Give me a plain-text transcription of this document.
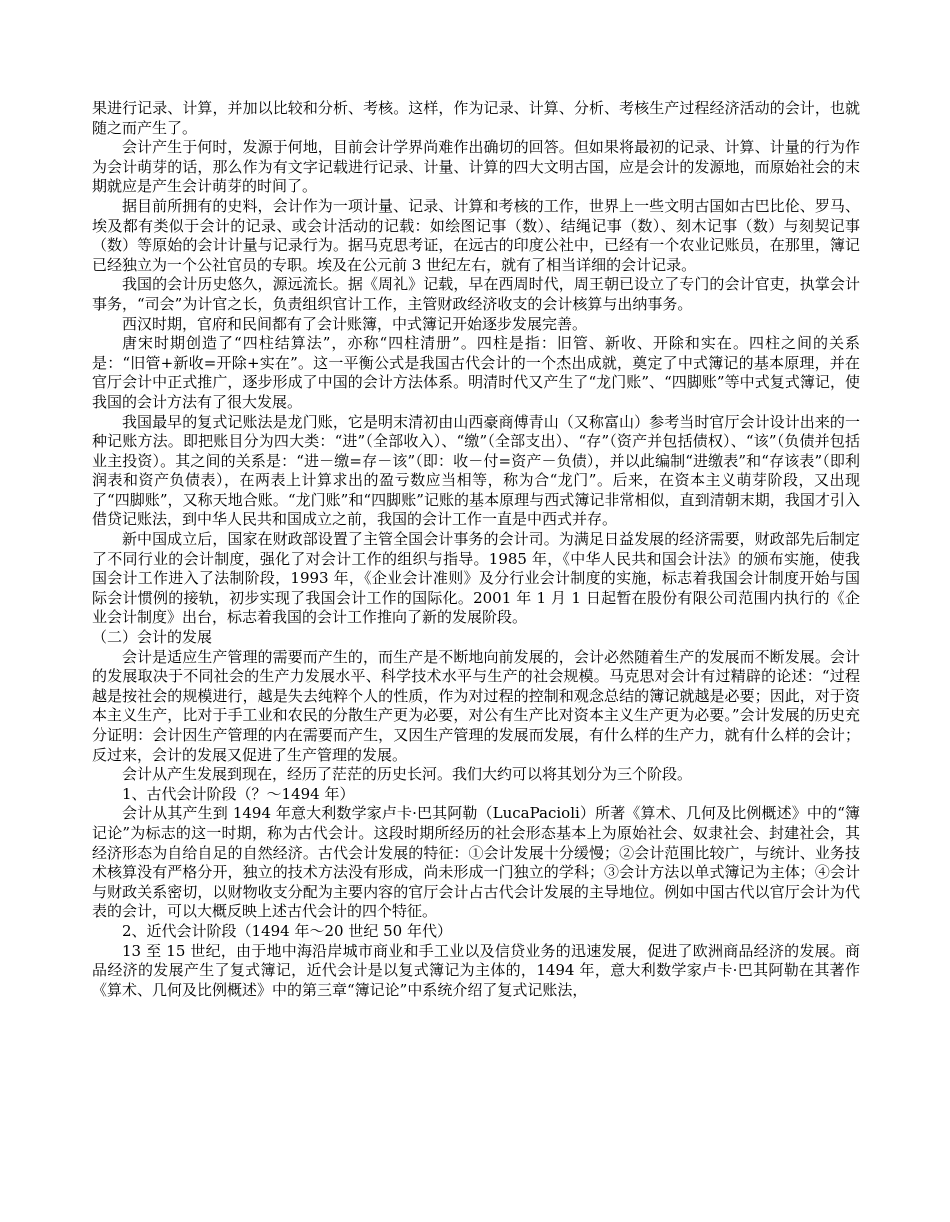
果进行记录、计算，并加以比较和分析、考核。这样，作为记录、计算、分析、考核生产过程经济活动的会计，也就随之而产生了。

会计产生于何时，发源于何地，目前会计学界尚难作出确切的回答。但如果将最初的记录、计算、计量的行为作为会计萌芽的话，那么作为有文字记载进行记录、计量、计算的四大文明古国，应是会计的发源地，而原始社会的末期就应是产生会计萌芽的时间了。

据目前所拥有的史料，会计作为一项计量、记录、计算和考核的工作，世界上一些文明古国如古巴比伦、罗马、埃及都有类似于会计的记录、或会计活动的记载：如绘图记事（数）、结绳记事（数）、刻木记事（数）与刻契记事（数）等原始的会计计量与记录行为。据马克思考证，在远古的印度公社中，已经有一个农业记账员，在那里，簿记已经独立为一个公社官员的专职。埃及在公元前 3 世纪左右，就有了相当详细的会计记录。

我国的会计历史悠久，源远流长。据《周礼》记载，早在西周时代，周王朝已设立了专门的会计官吏，执掌会计事务，“司会”为计官之长，负责组织官计工作，主管财政经济收支的会计核算与出纳事务。

西汉时期，官府和民间都有了会计账簿，中式簿记开始逐步发展完善。

唐宋时期创造了“四柱结算法”，亦称“四柱清册”。四柱是指：旧管、新收、开除和实在。四柱之间的关系是：“旧管+新收=开除+实在”。这一平衡公式是我国古代会计的一个杰出成就，奠定了中式簿记的基本原理，并在官厅会计中正式推广，逐步形成了中国的会计方法体系。明清时代又产生了“龙门账”、“四脚账”等中式复式簿记，使我国的会计方法有了很大发展。

我国最早的复式记账法是龙门账，它是明末清初由山西豪商傅青山（又称富山）参考当时官厅会计设计出来的一种记账方法。即把账目分为四大类：“进”（全部收入）、“缴”（全部支出）、“存”（资产并包括债权）、“该”（负债并包括业主投资）。其之间的关系是：“进－缴=存－该”（即：收－付=资产－负债），并以此编制“进缴表”和“存该表”（即利润表和资产负债表），在两表上计算求出的盈亏数应当相等，称为合“龙门”。后来，在资本主义萌芽阶段，又出现了“四脚账”，又称天地合账。“龙门账”和“四脚账”记账的基本原理与西式簿记非常相似，直到清朝末期，我国才引入借贷记账法，到中华人民共和国成立之前，我国的会计工作一直是中西式并存。

新中国成立后，国家在财政部设置了主管全国会计事务的会计司。为满足日益发展的经济需要，财政部先后制定了不同行业的会计制度，强化了对会计工作的组织与指导。1985 年，《中华人民共和国会计法》的颁布实施，使我国会计工作进入了法制阶段，1993 年，《企业会计准则》及分行业会计制度的实施，标志着我国会计制度开始与国际会计惯例的接轨，初步实现了我国会计工作的国际化。2001 年 1 月 1 日起暂在股份有限公司范围内执行的《企业会计制度》出台，标志着我国的会计工作推向了新的发展阶段。

（二）会计的发展

会计是适应生产管理的需要而产生的，而生产是不断地向前发展的，会计必然随着生产的发展而不断发展。会计的发展取决于不同社会的生产力发展水平、科学技术水平与生产的社会规模。马克思对会计有过精辟的论述：“过程越是按社会的规模进行，越是失去纯粹个人的性质，作为对过程的控制和观念总结的簿记就越是必要；因此，对于资本主义生产，比对于手工业和农民的分散生产更为必要，对公有生产比对资本主义生产更为必要。”会计发展的历史充分证明：会计因生产管理的内在需要而产生，又因生产管理的发展而发展，有什么样的生产力，就有什么样的会计；反过来，会计的发展又促进了生产管理的发展。

会计从产生发展到现在，经历了茫茫的历史长河。我们大约可以将其划分为三个阶段。

1、古代会计阶段（？～1494 年）

会计从其产生到 1494 年意大利数学家卢卡·巴其阿勒（LucaPacioli）所著《算术、几何及比例概述》中的“簿记论”为标志的这一时期，称为古代会计。这段时期所经历的社会形态基本上为原始社会、奴隶社会、封建社会，其经济形态为自给自足的自然经济。古代会计发展的特征：①会计发展十分缓慢；②会计范围比较广，与统计、业务技术核算没有严格分开，独立的技术方法没有形成，尚未形成一门独立的学科；③会计方法以单式簿记为主体；④会计与财政关系密切，以财物收支分配为主要内容的官厅会计占古代会计发展的主导地位。例如中国古代以官厅会计为代表的会计，可以大概反映上述古代会计的四个特征。

2、近代会计阶段（1494 年～20 世纪 50 年代）

13 至 15 世纪，由于地中海沿岸城市商业和手工业以及信贷业务的迅速发展，促进了欧洲商品经济的发展。商品经济的发展产生了复式簿记，近代会计是以复式簿记为主体的，1494 年，意大利数学家卢卡·巴其阿勒在其著作《算术、几何及比例概述》中的第三章“簿记论”中系统介绍了复式记账法，
